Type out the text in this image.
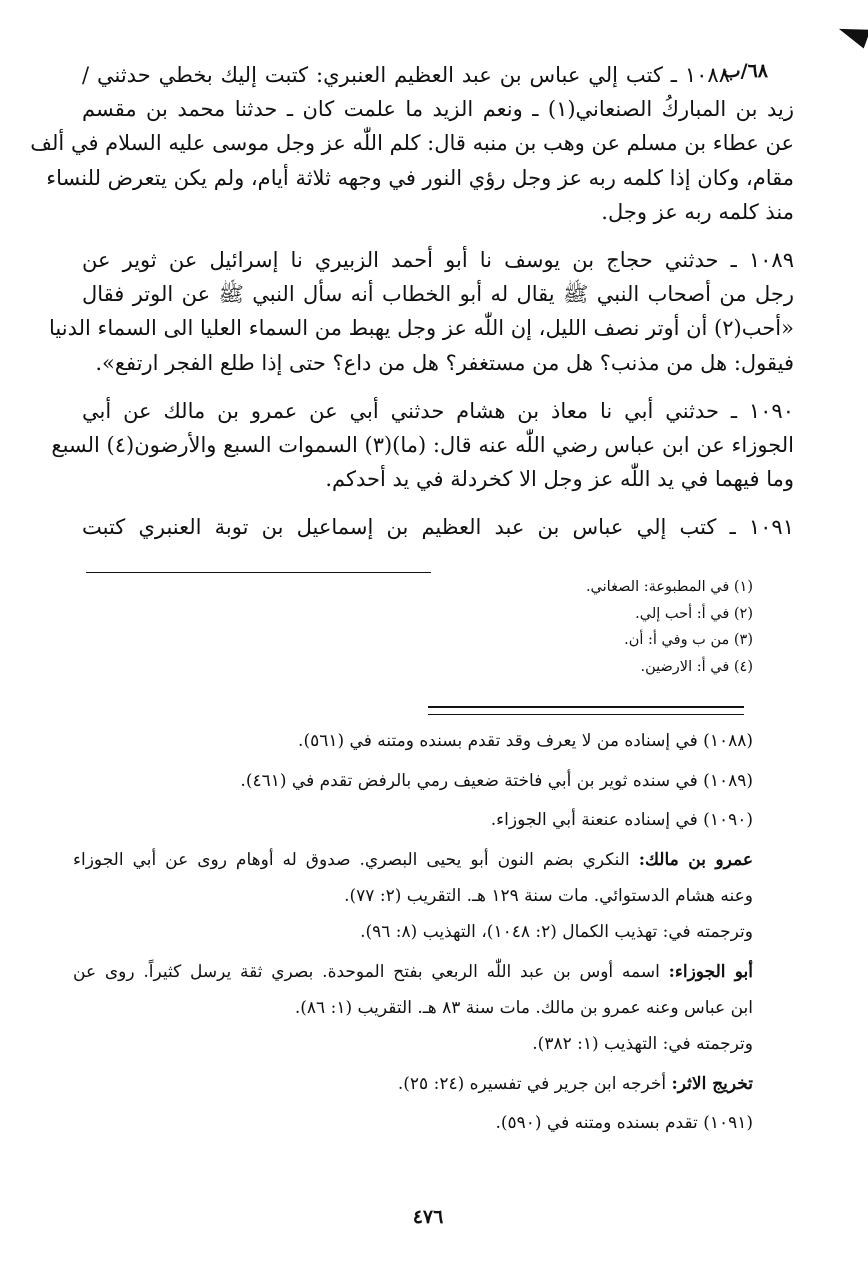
٦٨/ب
١٠٨٨ ـ كتب إلي عباس بن عبد العظيم العنبري: كتبت إليك بخطي حدثني /
زيد بن المباركُ الصنعاني(١) ـ ونعم الزيد ما علمت كان ـ حدثنا محمد بن مقسم
عن عطاء بن مسلم عن وهب بن منبه قال: كلم اللّٰه عز وجل موسى عليه السلام في ألف
مقام، وكان إذا كلمه ربه عز وجل رؤي النور في وجهه ثلاثة أيام، ولم يكن يتعرض للنساء
منذ كلمه ربه عز وجل.
١٠٨٩ ـ حدثني حجاج بن يوسف نا أبو أحمد الزبيري نا إسرائيل عن ثوير عن
رجل من أصحاب النبي ﷺ يقال له أبو الخطاب أنه سأل النبي ﷺ عن الوتر فقال
«أحب(٢) أن أوتر نصف الليل، إن اللّٰه عز وجل يهبط من السماء العليا الى السماء الدنيا
فيقول: هل من مذنب؟ هل من مستغفر؟ هل من داع؟ حتى إذا طلع الفجر ارتفع».
١٠٩٠ ـ حدثني أبي نا معاذ بن هشام حدثني أبي عن عمرو بن مالك عن أبي
الجوزاء عن ابن عباس رضي اللّٰه عنه قال: (ما)(٣) السموات السبع والأرضون(٤) السبع
وما فيهما في يد اللّٰه عز وجل الا كخردلة في يد أحدكم.
١٠٩١ ـ كتب إلي عباس بن عبد العظيم بن إسماعيل بن توبة العنبري كتبت
(١) في المطبوعة: الصغاني.
(٢) في أ: أحب إلي.
(٣) من ب وفي أ: أن.
(٤) في أ: الارضين.
(١٠٨٨) في إسناده من لا يعرف وقد تقدم بسنده ومتنه في (٥٦١).
(١٠٨٩) في سنده ثوير بن أبي فاختة ضعيف رمي بالرفض تقدم في (٤٦١).
(١٠٩٠) في إسناده عنعنة أبي الجوزاء.
عمرو بن مالك: النكري بضم النون أبو يحيى البصري. صدوق له أوهام روى عن أبي الجوزاء
وعنه هشام الدستوائي. مات سنة ١٢٩ هـ. التقريب (٢: ٧٧).
وترجمته في: تهذيب الكمال (٢: ١٠٤٨)، التهذيب (٨: ٩٦).
أبو الجوزاء: اسمه أوس بن عبد اللّٰه الربعي بفتح الموحدة. بصري ثقة يرسل كثيراً. روى عن
ابن عباس وعنه عمرو بن مالك. مات سنة ٨٣ هـ. التقريب (١: ٨٦).
وترجمته في: التهذيب (١: ٣٨٢).
تخريج الاثر: أخرجه ابن جرير في تفسيره (٢٤: ٢٥).
(١٠٩١) تقدم بسنده ومتنه في (٥٩٠).
٤٧٦
